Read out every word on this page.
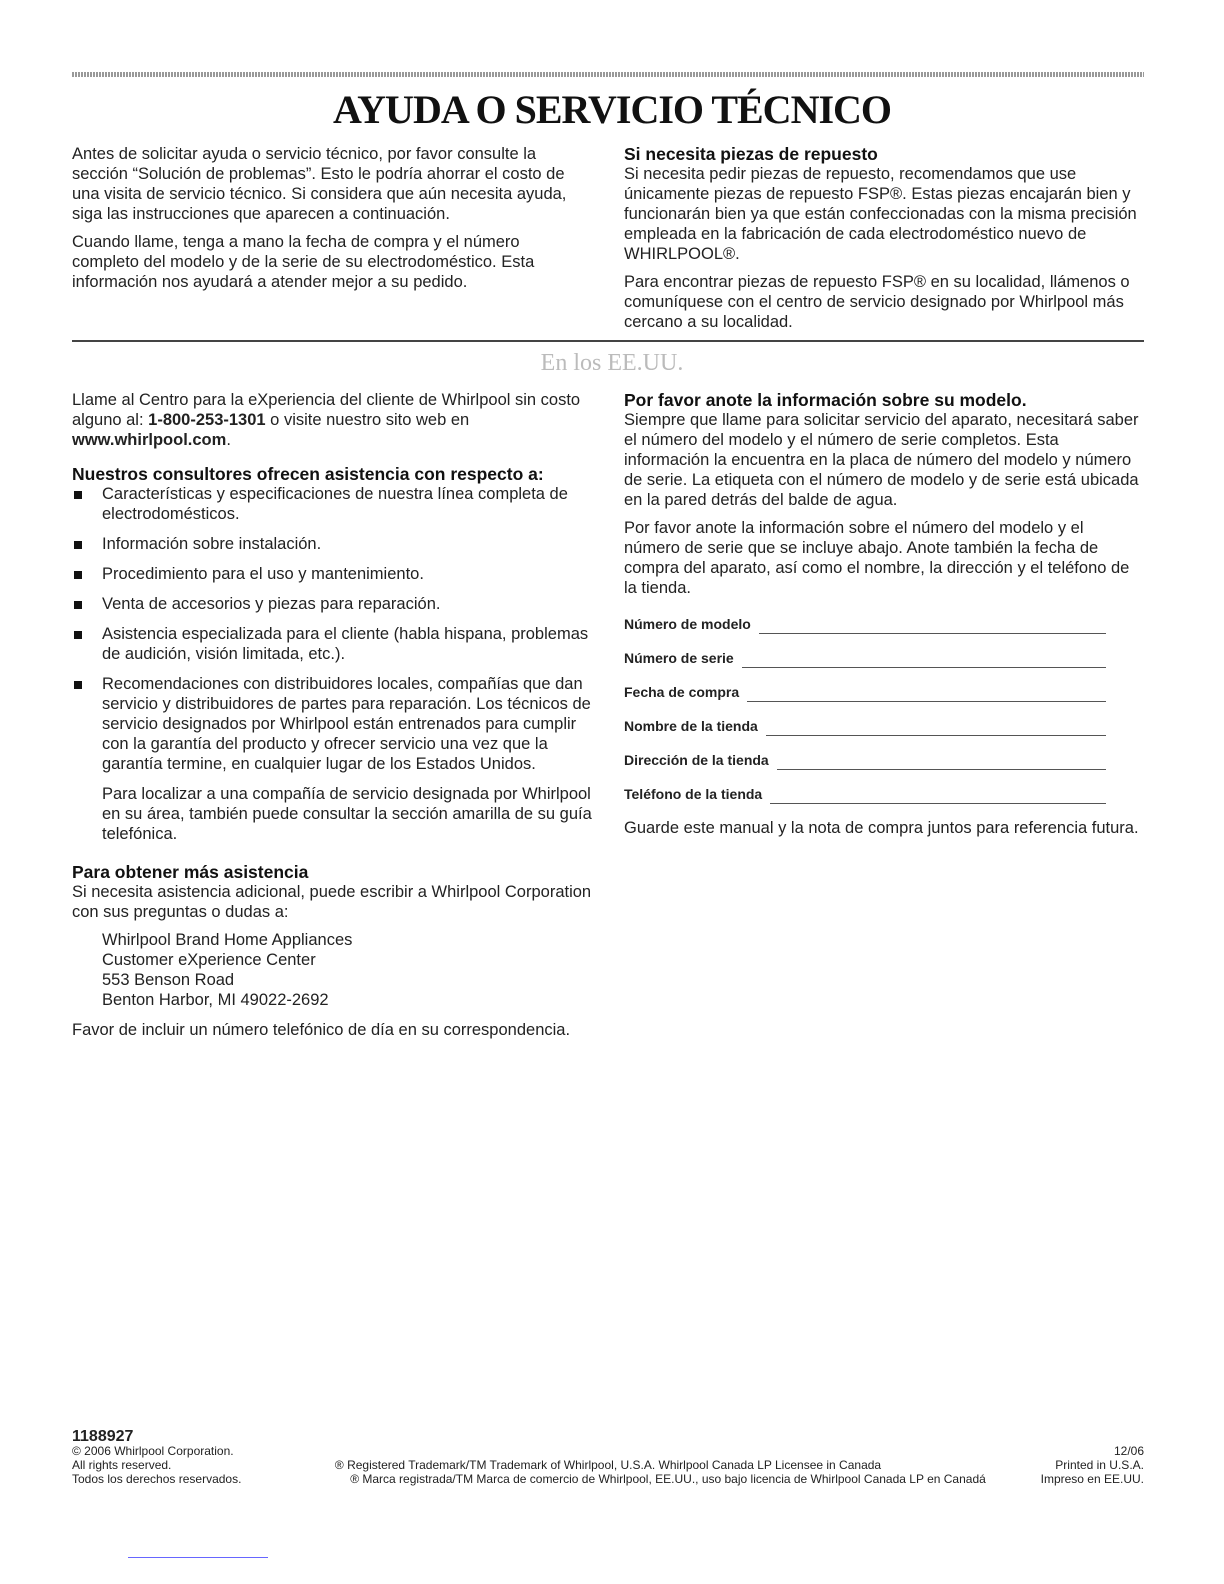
AYUDA O SERVICIO TÉCNICO

Antes de solicitar ayuda o servicio técnico, por favor consulte la sección “Solución de problemas”. Esto le podría ahorrar el costo de una visita de servicio técnico. Si considera que aún necesita ayuda, siga las instrucciones que aparecen a continuación.

Cuando llame, tenga a mano la fecha de compra y el número completo del modelo y de la serie de su electrodoméstico. Esta información nos ayudará a atender mejor a su pedido.

Si necesita piezas de repuesto

Si necesita pedir piezas de repuesto, recomendamos que use únicamente piezas de repuesto FSP®. Estas piezas encajarán bien y funcionarán bien ya que están confeccionadas con la misma precisión empleada en la fabricación de cada electrodoméstico nuevo de WHIRLPOOL®.

Para encontrar piezas de repuesto FSP® en su localidad, llámenos o comuníquese con el centro de servicio designado por Whirlpool más cercano a su localidad.

En los EE.UU.

Llame al Centro para la eXperiencia del cliente de Whirlpool sin costo alguno al: 1-800-253-1301 o visite nuestro sito web en www.whirlpool.com.

Nuestros consultores ofrecen asistencia con respecto a:
Características y especificaciones de nuestra línea completa de electrodomésticos.
Información sobre instalación.
Procedimiento para el uso y mantenimiento.
Venta de accesorios y piezas para reparación.
Asistencia especializada para el cliente (habla hispana, problemas de audición, visión limitada, etc.).
Recomendaciones con distribuidores locales, compañías que dan servicio y distribuidores de partes para reparación. Los técnicos de servicio designados por Whirlpool están entrenados para cumplir con la garantía del producto y ofrecer servicio una vez que la garantía termine, en cualquier lugar de los Estados Unidos.

Para localizar a una compañía de servicio designada por Whirlpool en su área, también puede consultar la sección amarilla de su guía telefónica.

Para obtener más asistencia

Si necesita asistencia adicional, puede escribir a Whirlpool Corporation con sus preguntas o dudas a:

Whirlpool Brand Home Appliances
Customer eXperience Center
553 Benson Road
Benton Harbor, MI 49022-2692

Favor de incluir un número telefónico de día en su correspondencia.

Por favor anote la información sobre su modelo.

Siempre que llame para solicitar servicio del aparato, necesitará saber el número del modelo y el número de serie completos. Esta información la encuentra en la placa de número del modelo y número de serie. La etiqueta con el número de modelo y de serie está ubicada en la pared detrás del balde de agua.

Por favor anote la información sobre el número del modelo y el número de serie que se incluye abajo. Anote también la fecha de compra del aparato, así como el nombre, la dirección y el teléfono de la tienda.

Número de modelo
Número de serie
Fecha de compra
Nombre de la tienda
Dirección de la tienda
Teléfono de la tienda

Guarde este manual y la nota de compra juntos para referencia futura.

1188927
© 2006 Whirlpool Corporation.	12/06
All rights reserved.	® Registered Trademark/TM Trademark of Whirlpool, U.S.A. Whirlpool Canada LP Licensee in Canada	Printed in U.S.A.
Todos los derechos reservados.	® Marca registrada/TM Marca de comercio de Whirlpool, EE.UU., uso bajo licencia de Whirlpool Canada LP en Canadá	Impreso en EE.UU.
